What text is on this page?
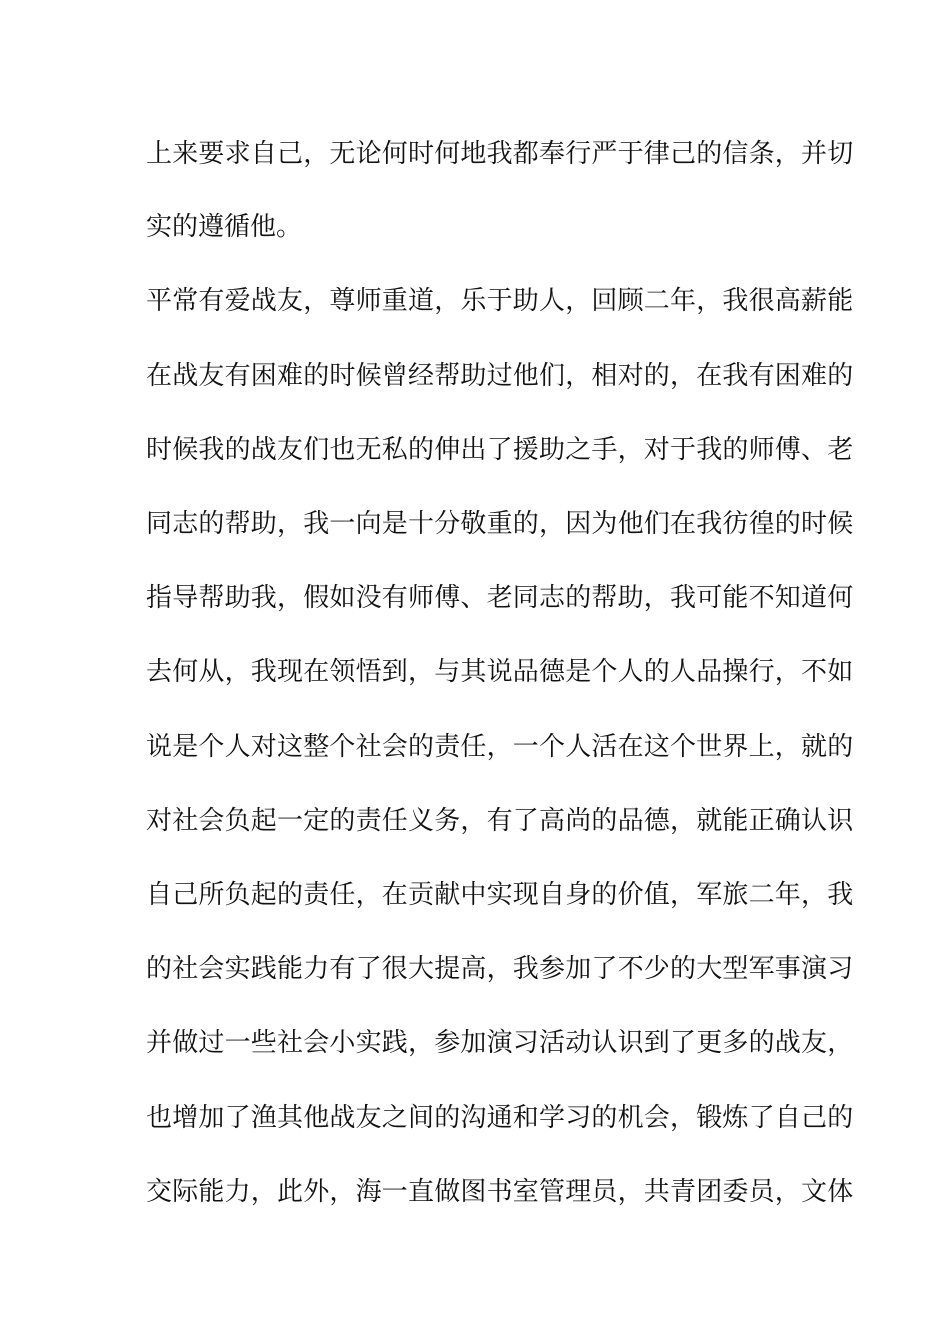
上来要求自己，无论何时何地我都奉行严于律己的信条，并切
实的遵循他。
平常有爱战友，尊师重道，乐于助人，回顾二年，我很高薪能
在战友有困难的时候曾经帮助过他们，相对的，在我有困难的
时候我的战友们也无私的伸出了援助之手，对于我的师傅、老
同志的帮助，我一向是十分敬重的，因为他们在我彷徨的时候
指导帮助我，假如没有师傅、老同志的帮助，我可能不知道何
去何从，我现在领悟到，与其说品德是个人的人品操行，不如
说是个人对这整个社会的责任，一个人活在这个世界上，就的
对社会负起一定的责任义务，有了高尚的品德，就能正确认识
自己所负起的责任，在贡献中实现自身的价值，军旅二年，我
的社会实践能力有了很大提高，我参加了不少的大型军事演习
并做过一些社会小实践，参加演习活动认识到了更多的战友，
也增加了渔其他战友之间的沟通和学习的机会，锻炼了自己的
交际能力，此外，海一直做图书室管理员，共青团委员，文体
